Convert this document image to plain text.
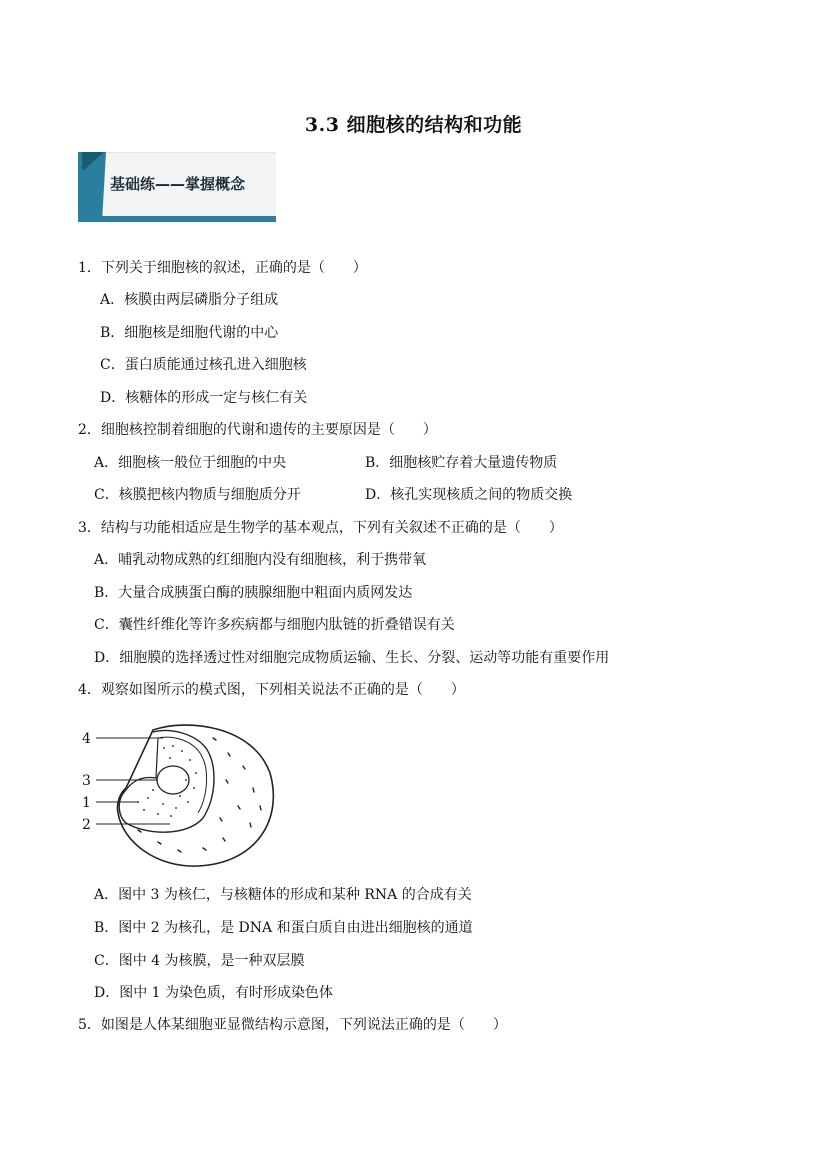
3.3 细胞核的结构和功能
基础练——掌握概念
1．下列关于细胞核的叙述，正确的是（　　）
A．核膜由两层磷脂分子组成
B．细胞核是细胞代谢的中心
C．蛋白质能通过核孔进入细胞核
D．核糖体的形成一定与核仁有关
2．细胞核控制着细胞的代谢和遗传的主要原因是（　　）
A．细胞核一般位于细胞的中央	B．细胞核贮存着大量遗传物质
C．核膜把核内物质与细胞质分开	D．核孔实现核质之间的物质交换
3．结构与功能相适应是生物学的基本观点，下列有关叙述不正确的是（　　）
A．哺乳动物成熟的红细胞内没有细胞核，利于携带氧
B．大量合成胰蛋白酶的胰腺细胞中粗面内质网发达
C．囊性纤维化等许多疾病都与细胞内肽链的折叠错误有关
D．细胞膜的选择透过性对细胞完成物质运输、生长、分裂、运动等功能有重要作用
4．观察如图所示的模式图，下列相关说法不正确的是（　　）
4
3
1
2
A．图中 3 为核仁，与核糖体的形成和某种 RNA 的合成有关
B．图中 2 为核孔，是 DNA 和蛋白质自由进出细胞核的通道
C．图中 4 为核膜，是一种双层膜
D．图中 1 为染色质，有时形成染色体
5．如图是人体某细胞亚显微结构示意图，下列说法正确的是（　　）
